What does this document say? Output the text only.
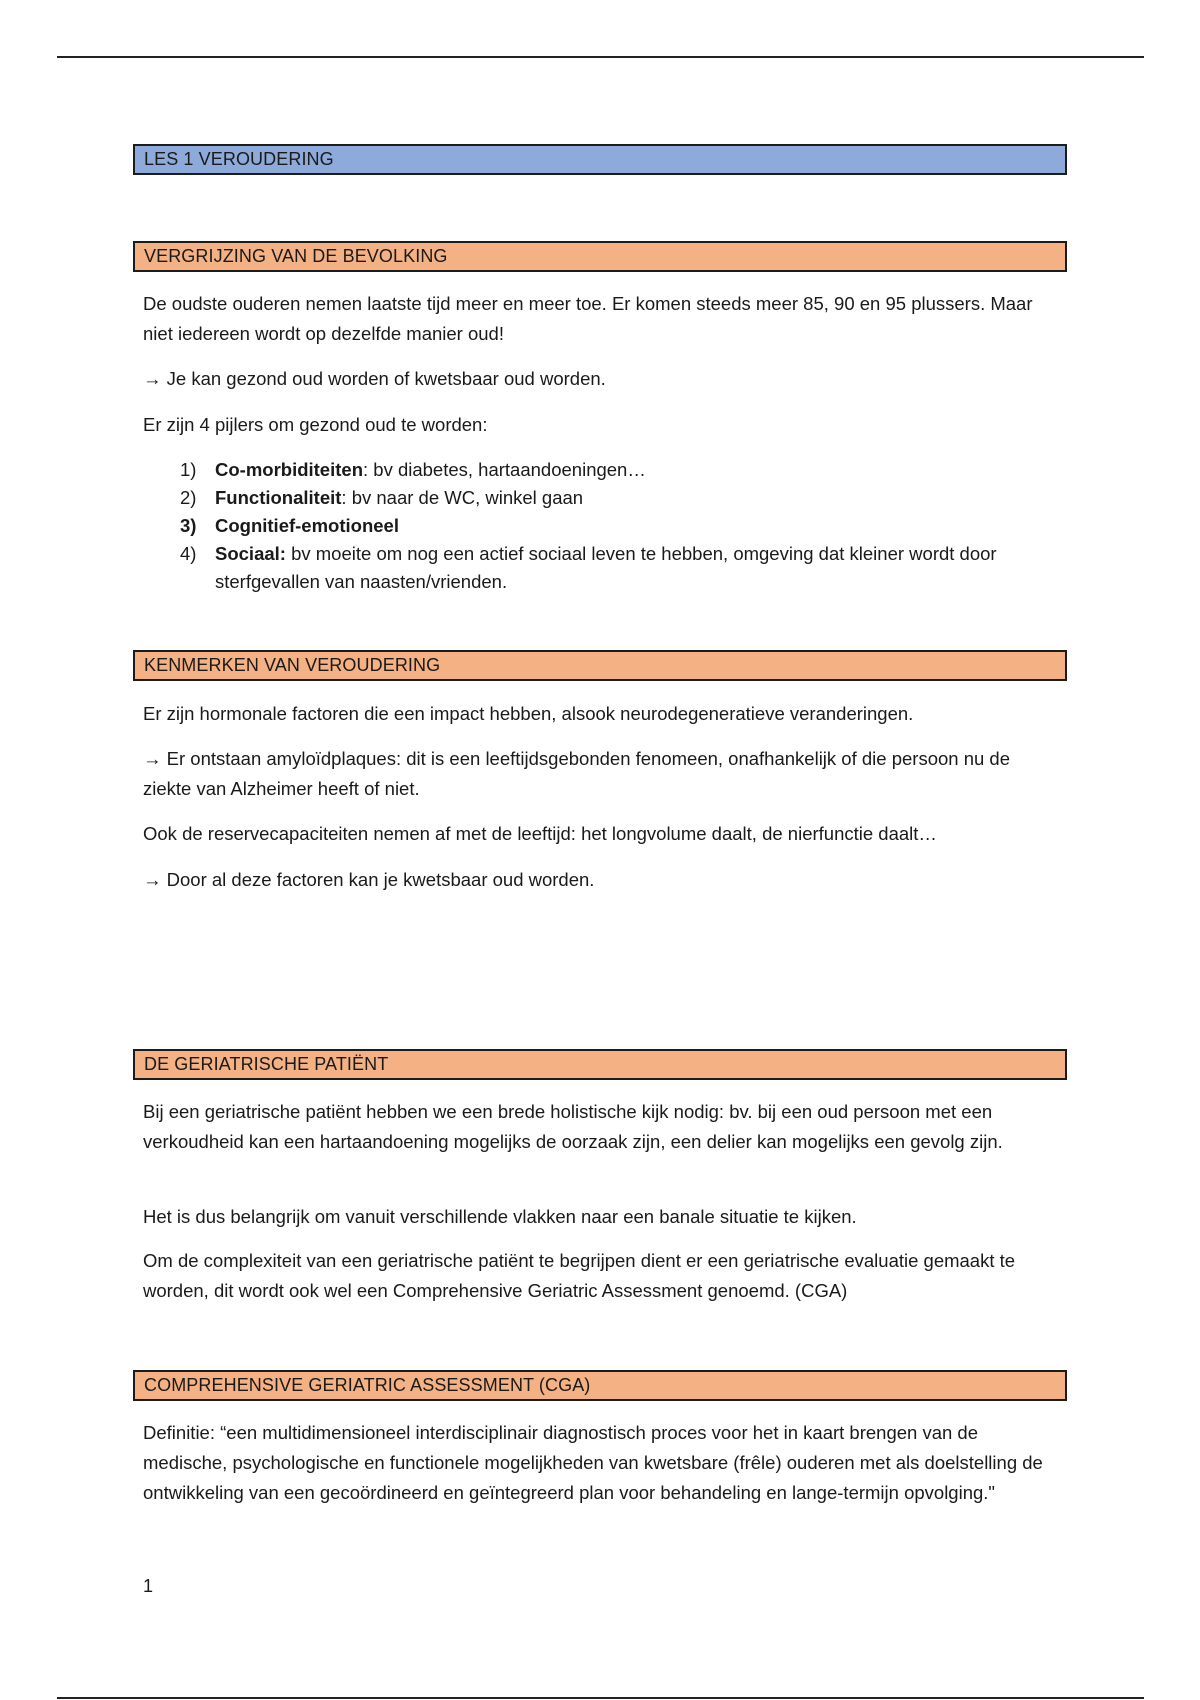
LES 1 VEROUDERING
VERGRIJZING VAN DE BEVOLKING

De oudste ouderen nemen laatste tijd meer en meer toe. Er komen steeds meer 85, 90 en 95 plussers. Maar niet iedereen wordt op dezelfde manier oud!

→ Je kan gezond oud worden of kwetsbaar oud worden.

Er zijn 4 pijlers om gezond oud te worden:

1) Co-morbiditeiten: bv diabetes, hartaandoeningen…
2) Functionaliteit: bv naar de WC, winkel gaan
3) Cognitief-emotioneel
4) Sociaal: bv moeite om nog een actief sociaal leven te hebben, omgeving dat kleiner wordt door sterfgevallen van naasten/vrienden.
KENMERKEN VAN VEROUDERING

Er zijn hormonale factoren die een impact hebben, alsook neurodegeneratieve veranderingen.

→ Er ontstaan amyloïdplaques: dit is een leeftijdsgebonden fenomeen, onafhankelijk of die persoon nu de ziekte van Alzheimer heeft of niet.

Ook de reservecapaciteiten nemen af met de leeftijd: het longvolume daalt, de nierfunctie daalt…

→ Door al deze factoren kan je kwetsbaar oud worden.

DE GERIATRISCHE PATIËNT

Bij een geriatrische patiënt hebben we een brede holistische kijk nodig: bv. bij een oud persoon met een verkoudheid kan een hartaandoening mogelijks de oorzaak zijn, een delier kan mogelijks een gevolg zijn.

Het is dus belangrijk om vanuit verschillende vlakken naar een banale situatie te kijken.

Om de complexiteit van een geriatrische patiënt te begrijpen dient er een geriatrische evaluatie gemaakt te worden, dit wordt ook wel een Comprehensive Geriatric Assessment genoemd. (CGA)

COMPREHENSIVE GERIATRIC ASSESSMENT (CGA)

Definitie: “een multidimensioneel interdisciplinair diagnostisch proces voor het in kaart brengen van de medische, psychologische en functionele mogelijkheden van kwetsbare (frêle) ouderen met als doelstelling de ontwikkeling van een gecoördineerd en geïntegreerd plan voor behandeling en lange-termijn opvolging."

1
